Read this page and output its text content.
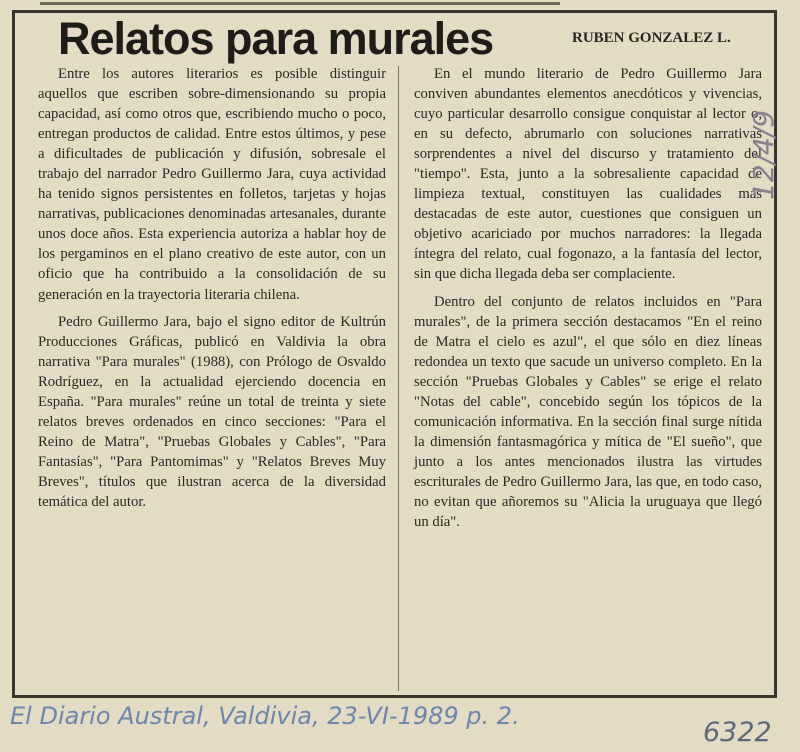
Relatos para murales	RUBEN GONZALEZ L.

Entre los autores literarios es posible distinguir aquellos que escriben sobre-dimensionando su propia capacidad, así como otros que, escribiendo mucho o poco, entregan productos de calidad. Entre estos últimos, y pese a dificultades de publicación y difusión, sobresale el trabajo del narrador Pedro Guillermo Jara, cuya actividad ha tenido signos persistentes en folletos, tarjetas y hojas narrativas, publicaciones denominadas artesanales, durante unos doce años. Esta experiencia autoriza a hablar hoy de los pergaminos en el plano creativo de este autor, con un oficio que ha contribuido a la consolidación de su generación en la trayectoria literaria chilena.

Pedro Guillermo Jara, bajo el signo editor de Kultrún Producciones Gráficas, publicó en Valdivia la obra narrativa "Para murales" (1988), con Prólogo de Osvaldo Rodríguez, en la actualidad ejerciendo docencia en España. "Para murales" reúne un total de treinta y siete relatos breves ordenados en cinco secciones: "Para el Reino de Matra", "Pruebas Globales y Cables", "Para Fantasías", "Para Pantomimas" y "Relatos Breves Muy Breves", títulos que ilustran acerca de la diversidad temática del autor.

En el mundo literario de Pedro Guillermo Jara conviven abundantes elementos anecdóticos y vivencias, cuyo particular desarrollo consigue conquistar al lector o, en su defecto, abrumarlo con soluciones narrativas sorprendentes a nivel del discurso y tratamiento del "tiempo". Esta, junto a la sobresaliente capacidad de limpieza textual, constituyen las cualidades más destacadas de este autor, cuestiones que consiguen un objetivo acariciado por muchos narradores: la llegada íntegra del relato, cual fogonazo, a la fantasía del lector, sin que dicha llegada deba ser complaciente.

Dentro del conjunto de relatos incluidos en "Para murales", de la primera sección destacamos "En el reino de Matra el cielo es azul", el que sólo en diez líneas redondea un texto que sacude un universo completo. En la sección "Pruebas Globales y Cables" se erige el relato "Notas del cable", concebido según los tópicos de la comunicación informativa. En la sección final surge nítida la dimensión fantasmagórica y mítica de "El sueño", que junto a los antes mencionados ilustra las virtudes escriturales de Pedro Guillermo Jara, las que, en todo caso, no evitan que añoremos su "Alicia la uruguaya que llegó un día".

El Diario Austral, Valdivia, 23-VI-1989 p. 2.
12/4/9
6322
